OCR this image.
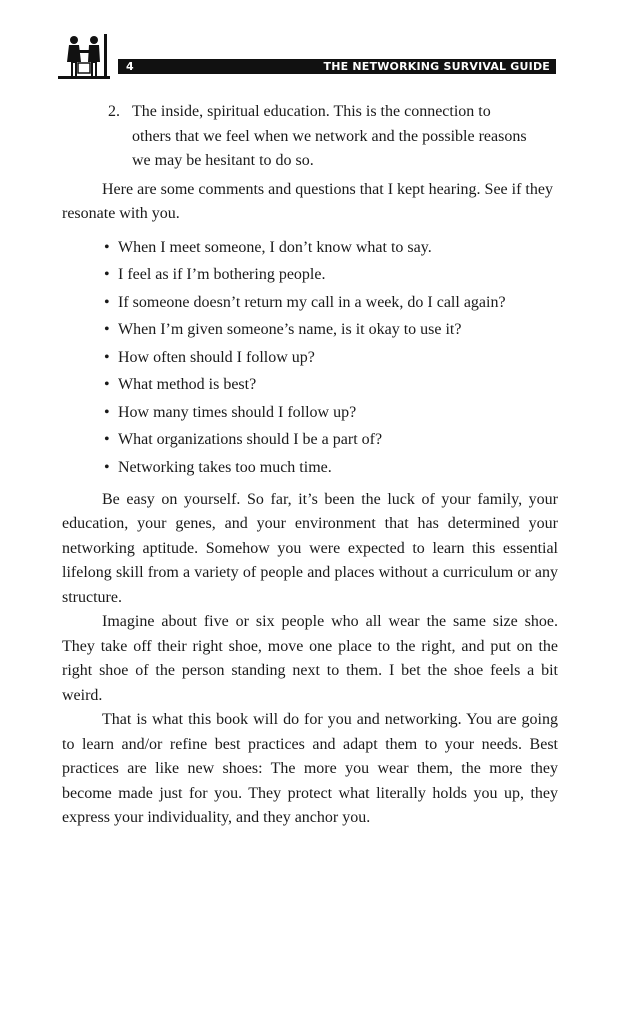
4	THE NETWORKING SURVIVAL GUIDE
2. The inside, spiritual education. This is the connection to others that we feel when we network and the possible reasons we may be hesitant to do so.

Here are some comments and questions that I kept hearing. See if they resonate with you.

• When I meet someone, I don’t know what to say.
• I feel as if I’m bothering people.
• If someone doesn’t return my call in a week, do I call again?
• When I’m given someone’s name, is it okay to use it?
• How often should I follow up?
• What method is best?
• How many times should I follow up?
• What organizations should I be a part of?
• Networking takes too much time.

Be easy on yourself. So far, it’s been the luck of your family, your education, your genes, and your environment that has determined your networking aptitude. Somehow you were expected to learn this essential lifelong skill from a variety of people and places without a curriculum or any structure.

Imagine about five or six people who all wear the same size shoe. They take off their right shoe, move one place to the right, and put on the right shoe of the person standing next to them. I bet the shoe feels a bit weird.

That is what this book will do for you and networking. You are going to learn and/or refine best practices and adapt them to your needs. Best practices are like new shoes: The more you wear them, the more they become made just for you. They protect what literally holds you up, they express your individuality, and they anchor you.
